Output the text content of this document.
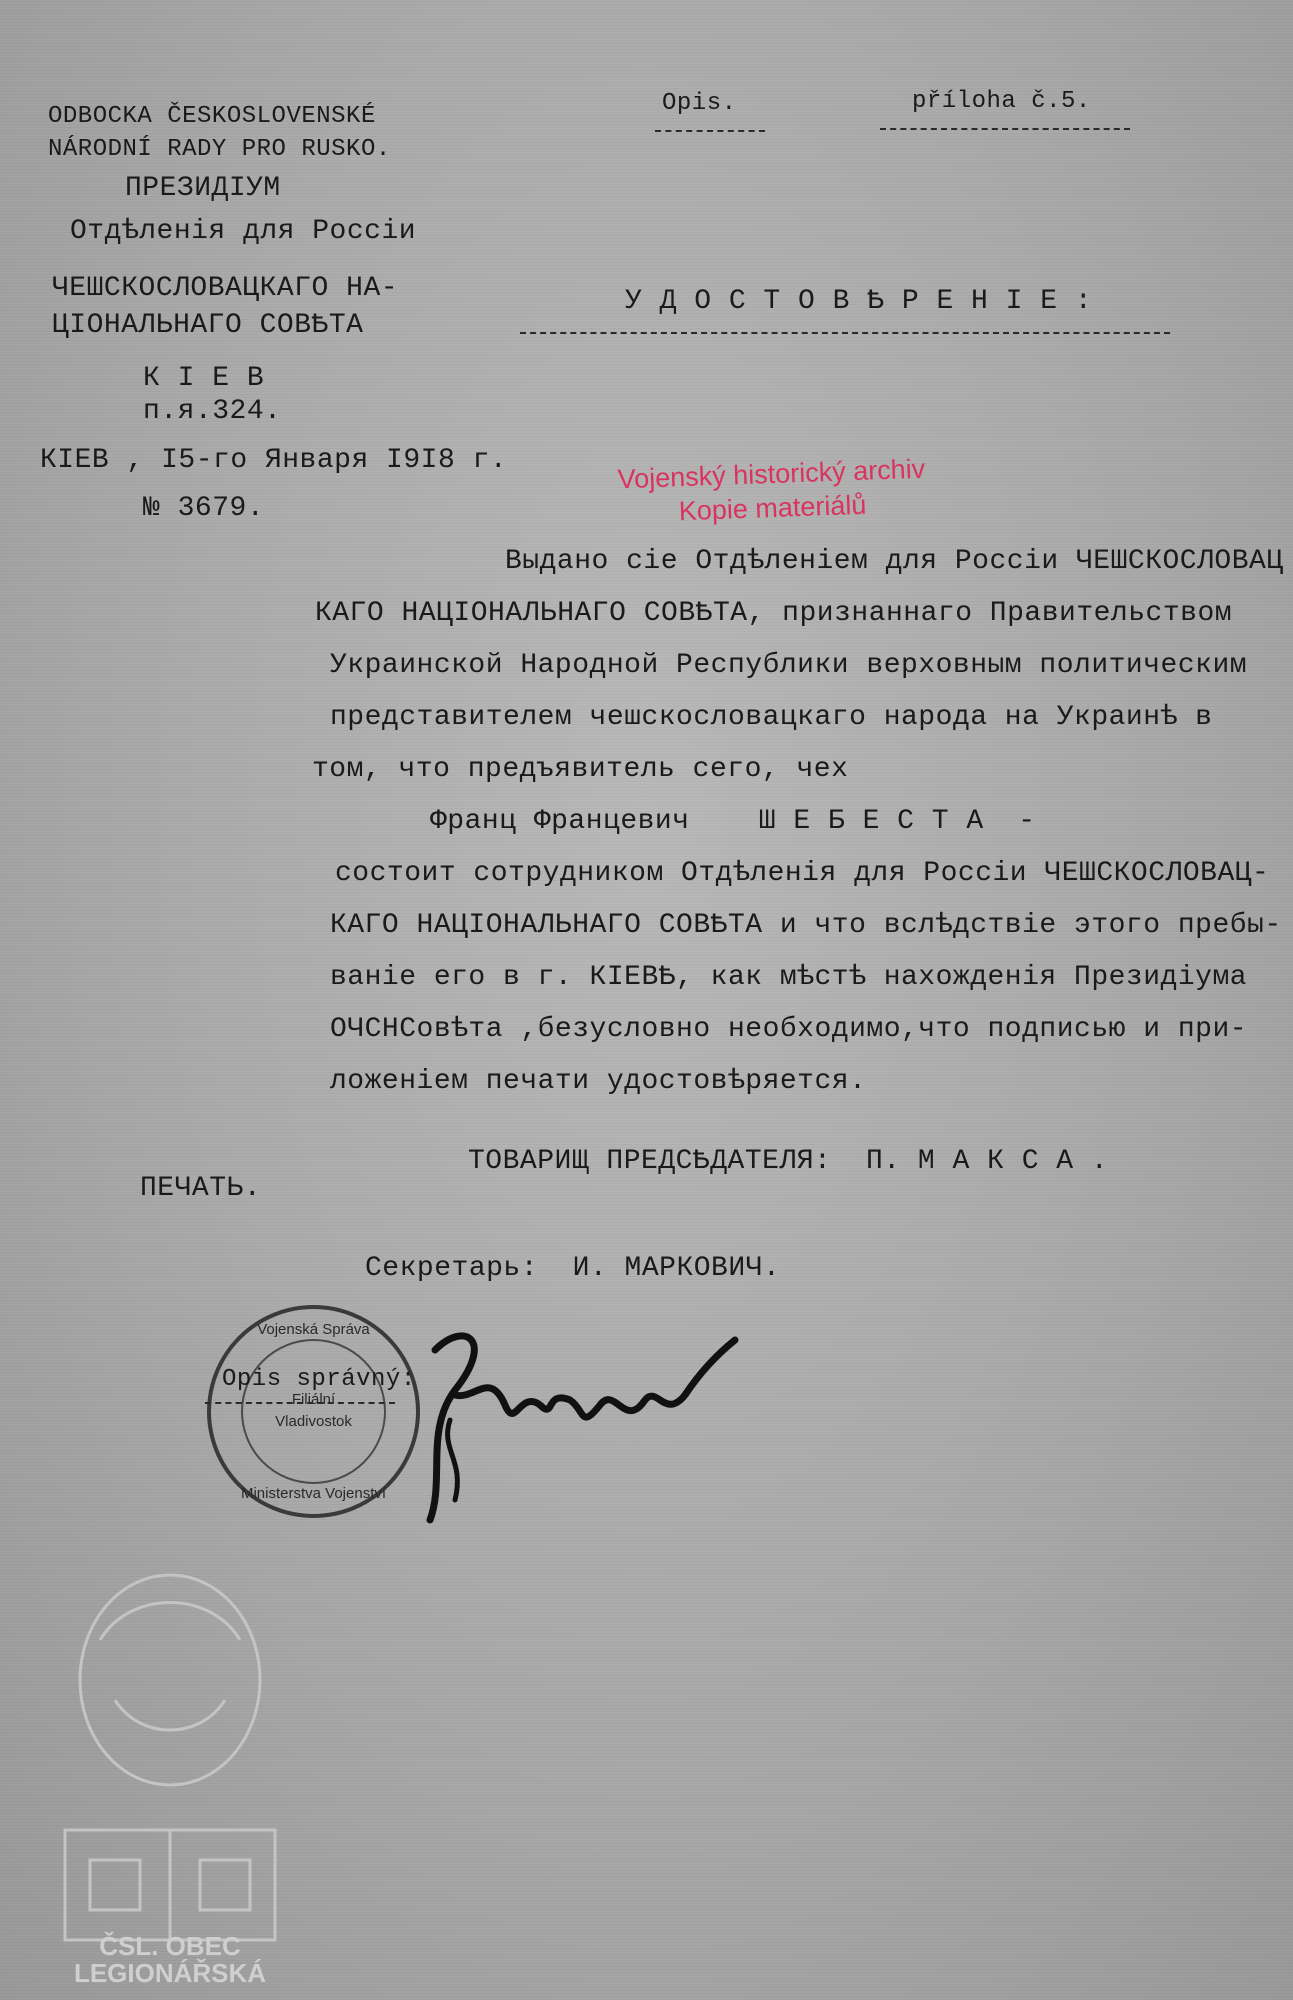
ODBOCKA ČESKOSLOVENSKÉ
NÁRODNÍ RADY PRO RUSKO.
ПРЕЗИДIУМ
Отдѣленія для Россіи
ЧЕШСКОСЛОВАЦКАГО НА-
ЦIОНАЛЬНАГО СОВѢТА
К I Е В
п.я.324.
КIЕВ , I5-го Января I9I8 г.
№ 3679.
Opis.	příloha č.5.
У Д О С Т О В Ѣ Р Е Н I Е :
Vojenský historický archiv
Kopie materiálů
Выдано сіе Отдѣленіем для Россiи ЧЕШСКОСЛОВАЦ
КАГО НАЦIОНАЛЬНАГО СОВѢТА, признаннаго Правительством
Украинской Народной Республики верховным политическим
представителем чешскословацкаго народа на Украинѣ в
том, что предъявитель сего, чех
Франц Францевич    Ш Е Б Е С Т А  -
состоит сотрудником Отдѣленiя для Россiи ЧЕШСКОСЛОВАЦ-
КАГО НАЦIОНАЛЬНАГО СОВѢТА и что вслѣдствiе этого пребы-
ванiе его в г. КIЕВѢ, как мѣстѣ нахожденія Президiума
ОЧСНСовѣта ,безусловно необходимо,что подписью и при-
ложенiем печати удостовѣряется.
ТОВАРИЩ ПРЕДСѢДАТЕЛЯ:  П. М А К С А .
ПЕЧАТЬ.
Секретарь:  И. МАРКОВИЧ.
Vojenská Správa
Filiální
Vladivostok
Ministerstva Vojenství
Opis správný:
ČSL. OBEC
LEGIONÁŘSKÁ
